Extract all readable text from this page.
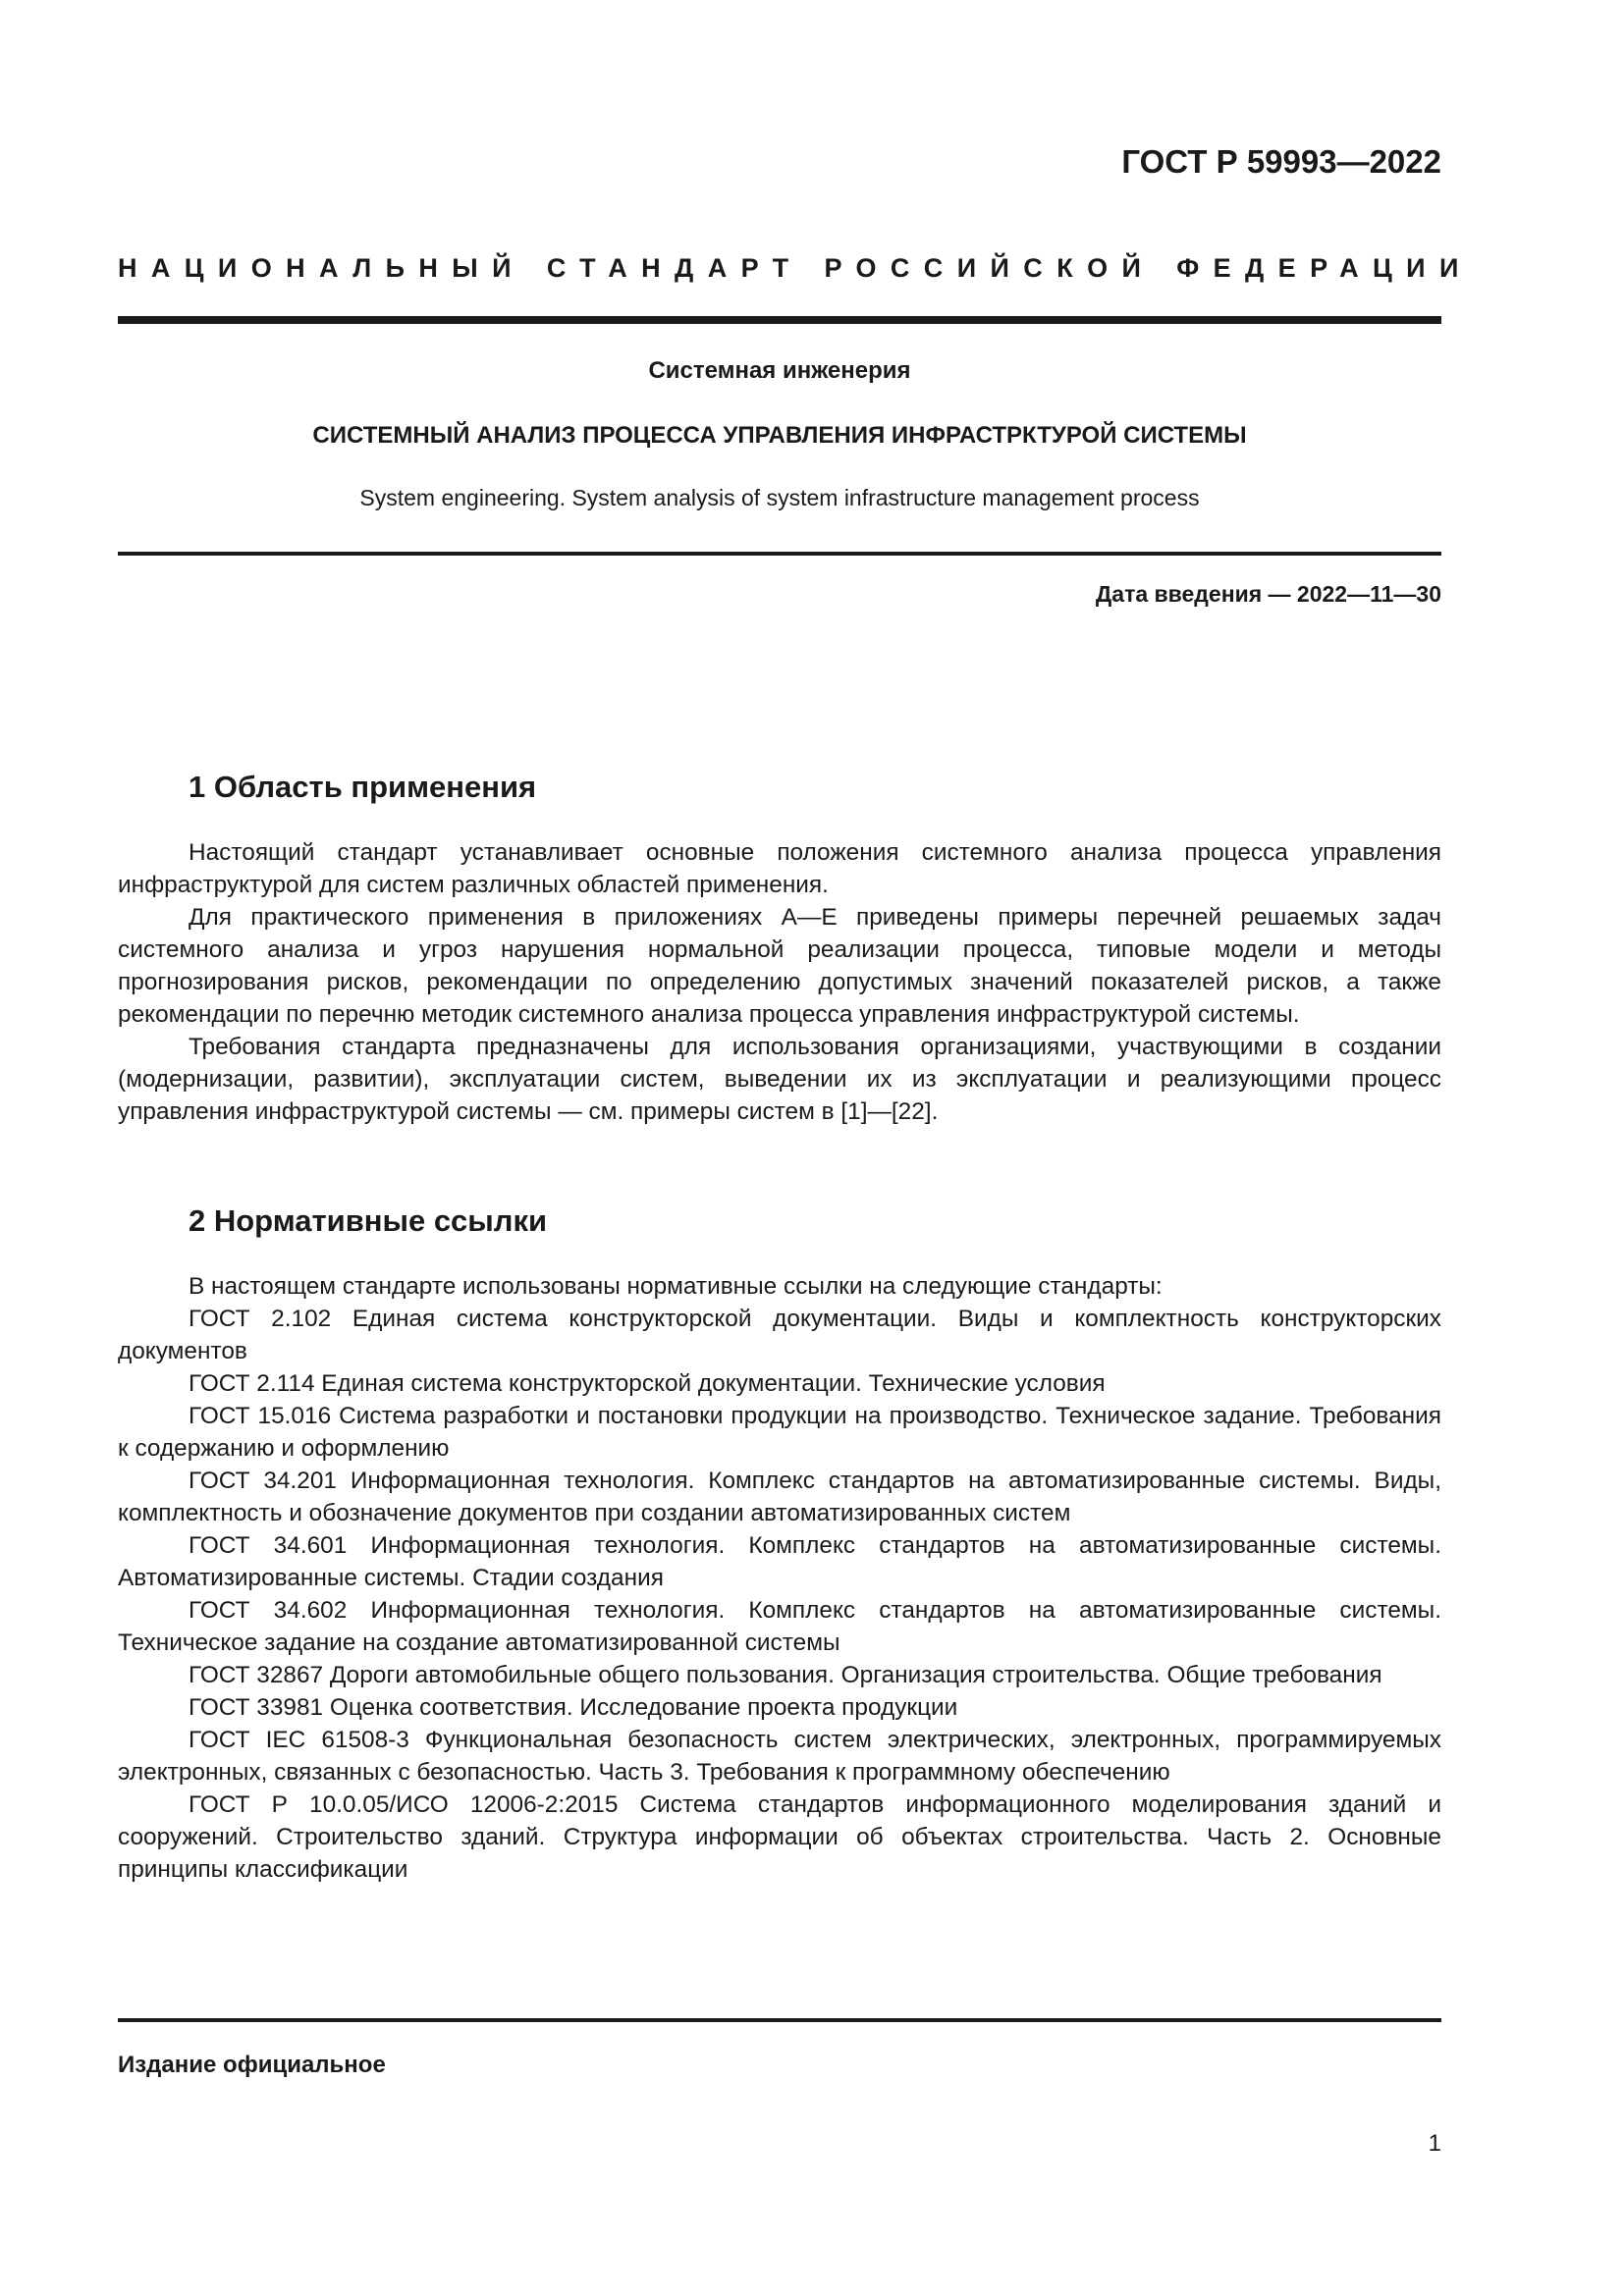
ГОСТ Р 59993—2022
НАЦИОНАЛЬНЫЙ СТАНДАРТ РОССИЙСКОЙ ФЕДЕРАЦИИ
Системная инженерия
СИСТЕМНЫЙ АНАЛИЗ ПРОЦЕССА УПРАВЛЕНИЯ ИНФРАСТРКТУРОЙ СИСТЕМЫ
System engineering. System analysis of system infrastructure management process
Дата введения — 2022—11—30
1 Область применения

Настоящий стандарт устанавливает основные положения системного анализа процесса управления инфраструктурой для систем различных областей применения.

Для практического применения в приложениях А—Е приведены примеры перечней решаемых задач системного анализа и угроз нарушения нормальной реализации процесса, типовые модели и методы прогнозирования рисков, рекомендации по определению допустимых значений показателей рисков, а также рекомендации по перечню методик системного анализа процесса управления инфраструктурой системы.

Требования стандарта предназначены для использования организациями, участвующими в создании (модернизации, развитии), эксплуатации систем, выведении их из эксплуатации и реализующими процесс управления инфраструктурой системы — см. примеры систем в [1]—[22].

2 Нормативные ссылки

В настоящем стандарте использованы нормативные ссылки на следующие стандарты:

ГОСТ 2.102 Единая система конструкторской документации. Виды и комплектность конструкторских документов

ГОСТ 2.114 Единая система конструкторской документации. Технические условия

ГОСТ 15.016 Система разработки и постановки продукции на производство. Техническое задание. Требования к содержанию и оформлению

ГОСТ 34.201 Информационная технология. Комплекс стандартов на автоматизированные системы. Виды, комплектность и обозначение документов при создании автоматизированных систем

ГОСТ 34.601 Информационная технология. Комплекс стандартов на автоматизированные системы. Автоматизированные системы. Стадии создания

ГОСТ 34.602 Информационная технология. Комплекс стандартов на автоматизированные системы. Техническое задание на создание автоматизированной системы

ГОСТ 32867 Дороги автомобильные общего пользования. Организация строительства. Общие требования

ГОСТ 33981 Оценка соответствия. Исследование проекта продукции

ГОСТ IEC 61508-3 Функциональная безопасность систем электрических, электронных, программируемых электронных, связанных с безопасностью. Часть 3. Требования к программному обеспечению

ГОСТ Р 10.0.05/ИСО 12006-2:2015 Система стандартов информационного моделирования зданий и сооружений. Строительство зданий. Структура информации об объектах строительства. Часть 2. Основные принципы классификации

Издание официальное
1
